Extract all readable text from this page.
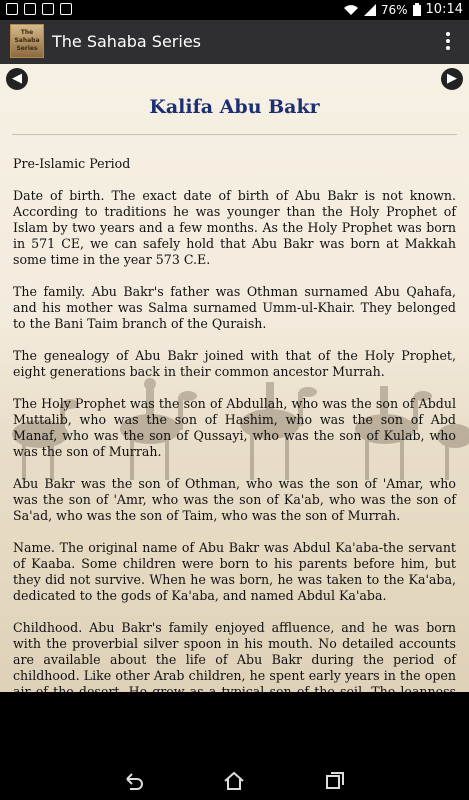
76% 10:14
The Sahaba Series The Sahaba Series
◀	▶
Kalifa Abu Bakr

Pre-Islamic Period

Date of birth. The exact date of birth of Abu Bakr is not known. According to traditions he was younger than the Holy Prophet of Islam by two years and a few months. As the Holy Prophet was born in 571 CE, we can safely hold that Abu Bakr was born at Makkah some time in the year 573 C.E.

The family. Abu Bakr's father was Othman surnamed Abu Qahafa, and his mother was Salma surnamed Umm-ul-Khair. They belonged to the Bani Taim branch of the Quraish.

The genealogy of Abu Bakr joined with that of the Holy Prophet, eight generations back in their common ancestor Murrah.

The Holy Prophet was the son of Abdullah, who was the son of Abdul Muttalib, who was the son of Hashim, who was the son of Abd Manaf, who was the son of Qussayi, who was the son of Kulab, who was the son of Murrah.

Abu Bakr was the son of Othman, who was the son of 'Amar, who was the son of 'Amr, who was the son of Ka'ab, who was the son of Sa'ad, who was the son of Taim, who was the son of Murrah.

Name. The original name of Abu Bakr was Abdul Ka'aba-the servant of Kaaba. Some children were born to his parents before him, but they did not survive. When he was born, he was taken to the Ka'aba, dedicated to the gods of Ka'aba, and named Abdul Ka'aba.

Childhood. Abu Bakr's family enjoyed affluence, and he was born with the proverbial silver spoon in his mouth. No detailed accounts are available about the life of Abu Bakr during the period of childhood. Like other Arab children, he spent early years in the open
